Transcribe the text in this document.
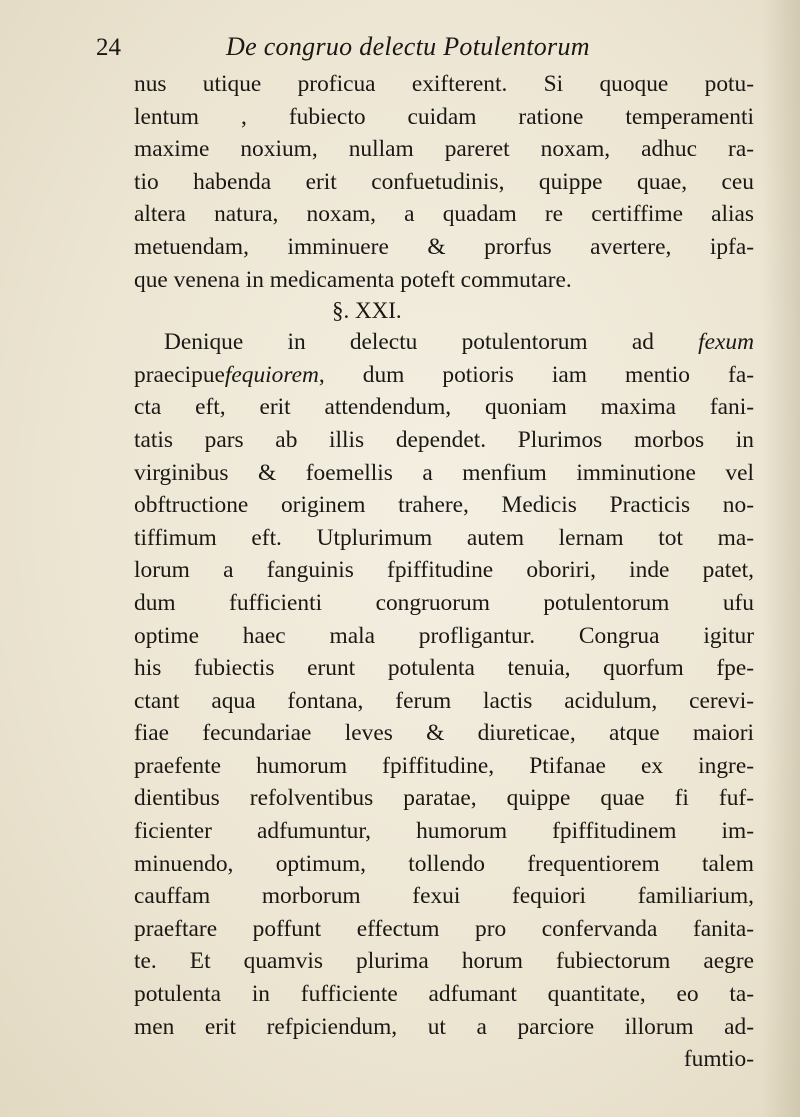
24	De congruo delectu Potulentorum
nus utique proficua exifterent. Si quoque potu-
lentum , fubiecto cuidam ratione temperamenti
maxime noxium, nullam pareret noxam, adhuc ra-
tio habenda erit confuetudinis, quippe quae, ceu
altera natura, noxam, a quadam re certiffime alias
metuendam, imminuere & prorfus avertere, ipfa-
que venena in medicamenta poteft commutare.
§. XXI.
Denique in delectu potulentorum ad fexum
praecipuefequiorem, dum potioris iam mentio fa-
cta eft, erit attendendum, quoniam maxima fani-
tatis pars ab illis dependet. Plurimos morbos in
virginibus & foemellis a menfium imminutione vel
obftructione originem trahere, Medicis Practicis no-
tiffimum eft. Utplurimum autem lernam tot ma-
lorum a fanguinis fpiffitudine oboriri, inde patet,
dum fufficienti congruorum potulentorum ufu
optime haec mala profligantur. Congrua igitur
his fubiectis erunt potulenta tenuia, quorfum fpe-
ctant aqua fontana, ferum lactis acidulum, cerevi-
fiae fecundariae leves & diureticae, atque maiori
praefente humorum fpiffitudine, Ptifanae ex ingre-
dientibus refolventibus paratae, quippe quae fi fuf-
ficienter adfumuntur, humorum fpiffitudinem im-
minuendo, optimum, tollendo frequentiorem talem
cauffam morborum fexui fequiori familiarium,
praeftare poffunt effectum pro confervanda fanita-
te. Et quamvis plurima horum fubiectorum aegre
potulenta in fufficiente adfumant quantitate, eo ta-
men erit refpiciendum, ut a parciore illorum ad-
fumtio-
